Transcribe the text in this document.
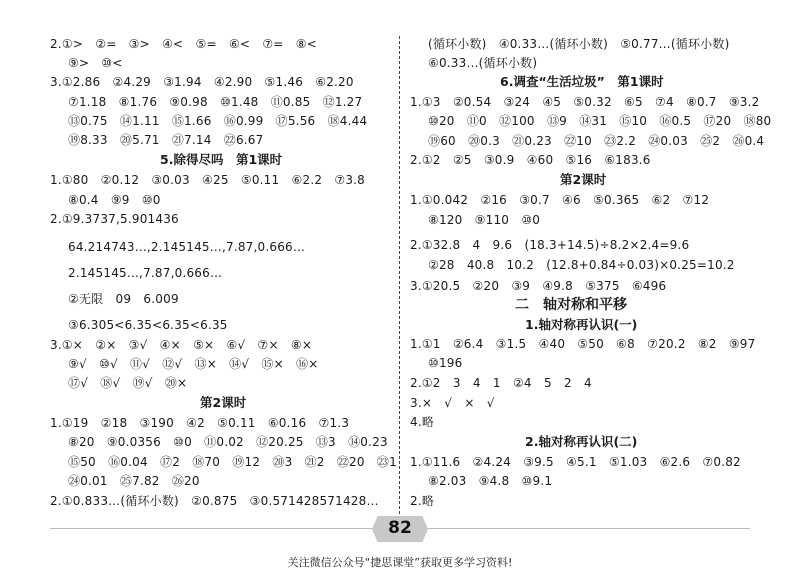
2.①>　②=　③>　④<　⑤=　⑥<　⑦=　⑧<
⑨>　⑩<
3.①2.86　②4.29　③1.94　④2.90　⑤1.46　⑥2.20
⑦1.18　⑧1.76　⑨0.98　⑩1.48　⑪0.85　⑫1.27
⑬0.75　⑭1.11　⑮1.66　⑯0.99　⑰5.56　⑱4.44
⑲8.33　⑳5.71　㉑7.14　㉒6.67
5.除得尽吗　第1课时
1.①80　②0.12　③0.03　④25　⑤0.11　⑥2.2　⑦3.8
⑧0.4　⑨9　⑩0
2.①9.3737,5.901436
64.214743…,2.145145…,7.87,0.666…
2.145145…,7.87,0.666…
②无限　09　6.009
③6.305<6.35<6.35<6.35
3.①×　②×　③√　④×　⑤×　⑥√　⑦×　⑧×
⑨√　⑩√　⑪√　⑫√　⑬×　⑭√　⑮×　⑯×
⑰√　⑱√　⑲√　⑳×
第2课时
1.①19　②18　③190　④2　⑤0.11　⑥0.16　⑦1.3
⑧20　⑨0.0356　⑩0　⑪0.02　⑫20.25　⑬3　⑭0.23
⑮50　⑯0.04　⑰2　⑱70　⑲12　⑳3　㉑2　㉒20　㉓1
㉔0.01　㉕7.82　㉖20
2.①0.833…(循环小数)　②0.875　③0.571428571428…
(循环小数)　④0.33…(循环小数)　⑤0.77…(循环小数)
⑥0.33…(循环小数)
6.调查“生活垃圾”　第1课时
1.①3　②0.54　③24　④5　⑤0.32　⑥5　⑦4　⑧0.7　⑨3.2
⑩20　⑪0　⑫100　⑬9　⑭31　⑮10　⑯0.5　⑰20　⑱80
⑲60　⑳0.3　㉑0.23　㉒10　㉓2.2　㉔0.03　㉕2　㉖0.4
2.①2　②5　③0.9　④60　⑤16　⑥183.6
第2课时
1.①0.042　②16　③0.7　④6　⑤0.365　⑥2　⑦12
⑧120　⑨110　⑩0
2.①32.8　4　9.6　(18.3+14.5)÷8.2×2.4=9.6
②28　40.8　10.2　(12.8+0.84÷0.03)×0.25=10.2
3.①20.5　②20　③9　④9.8　⑤375　⑥496
二　轴对称和平移
1.轴对称再认识(一)
1.①1　②6.4　③1.5　④40　⑤50　⑥8　⑦20.2　⑧2　⑨97
⑩196
2.①2　3　4　1　②4　5　2　4
3.×　√　×　√
4.略
2.轴对称再认识(二)
1.①11.6　②4.24　③9.5　④5.1　⑤1.03　⑥2.6　⑦0.82
⑧2.03　⑨4.8　⑩9.1
2.略
82
关注微信公众号“捷思课堂”获取更多学习资料!
